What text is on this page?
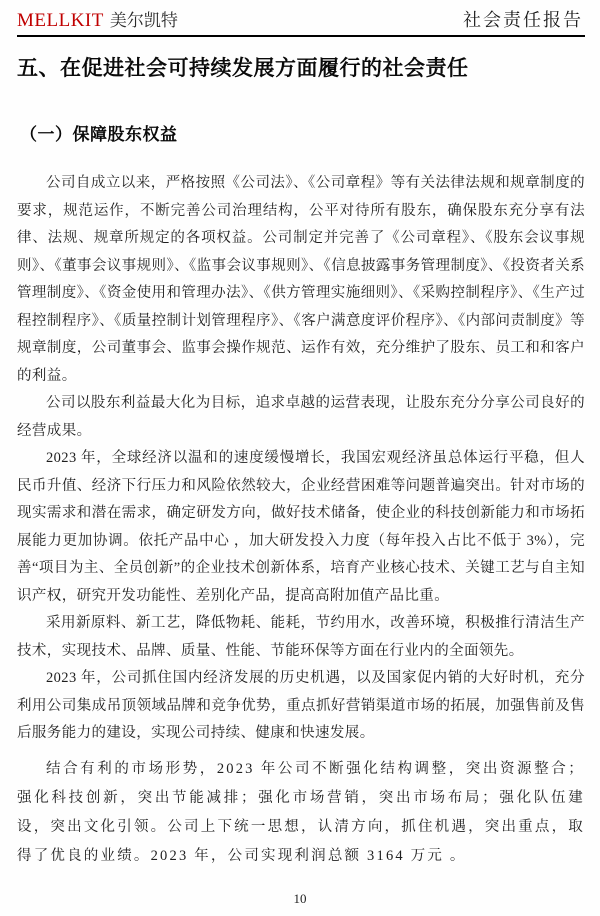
MELLKIT 美尔凯特	社会责任报告
五、在促进社会可持续发展方面履行的社会责任
（一）保障股东权益

公司自成立以来，严格按照《公司法》、《公司章程》等有关法律法规和规章制度的要求，规范运作，不断完善公司治理结构，公平对待所有股东，确保股东充分享有法律、法规、规章所规定的各项权益。公司制定并完善了《公司章程》、《股东会议事规则》、《董事会议事规则》、《监事会议事规则》、《信息披露事务管理制度》、《投资者关系管理制度》、《资金使用和管理办法》、《供方管理实施细则》、《采购控制程序》、《生产过程控制程序》、《质量控制计划管理程序》、《客户满意度评价程序》、《内部问责制度》等规章制度，公司董事会、监事会操作规范、运作有效，充分维护了股东、员工和和客户的利益。

公司以股东利益最大化为目标，追求卓越的运营表现，让股东充分分享公司良好的经营成果。

2023 年，全球经济以温和的速度缓慢增长，我国宏观经济虽总体运行平稳，但人民币升值、经济下行压力和风险依然较大，企业经营困难等问题普遍突出。针对市场的现实需求和潜在需求，确定研发方向，做好技术储备，使企业的科技创新能力和市场拓展能力更加协调。依托产品中心 ，加大研发投入力度（每年投入占比不低于 3%），完善“项目为主、全员创新”的企业技术创新体系，培育产业核心技术、关键工艺与自主知识产权，研究开发功能性、差别化产品，提高高附加值产品比重。

采用新原料、新工艺，降低物耗、能耗，节约用水，改善环境，积极推行清洁生产技术，实现技术、品牌、质量、性能、节能环保等方面在行业内的全面领先。

2023 年，公司抓住国内经济发展的历史机遇，以及国家促内销的大好时机，充分利用公司集成吊顶领域品牌和竞争优势，重点抓好营销渠道市场的拓展，加强售前及售后服务能力的建设，实现公司持续、健康和快速发展。

结合有利的市场形势，2023 年公司不断强化结构调整，突出资源整合；强化科技创新，突出节能减排；强化市场营销，突出市场布局；强化队伍建设，突出文化引领。公司上下统一思想，认清方向，抓住机遇，突出重点，取得了优良的业绩。2023 年，公司实现利润总额 3164 万元 。

10
